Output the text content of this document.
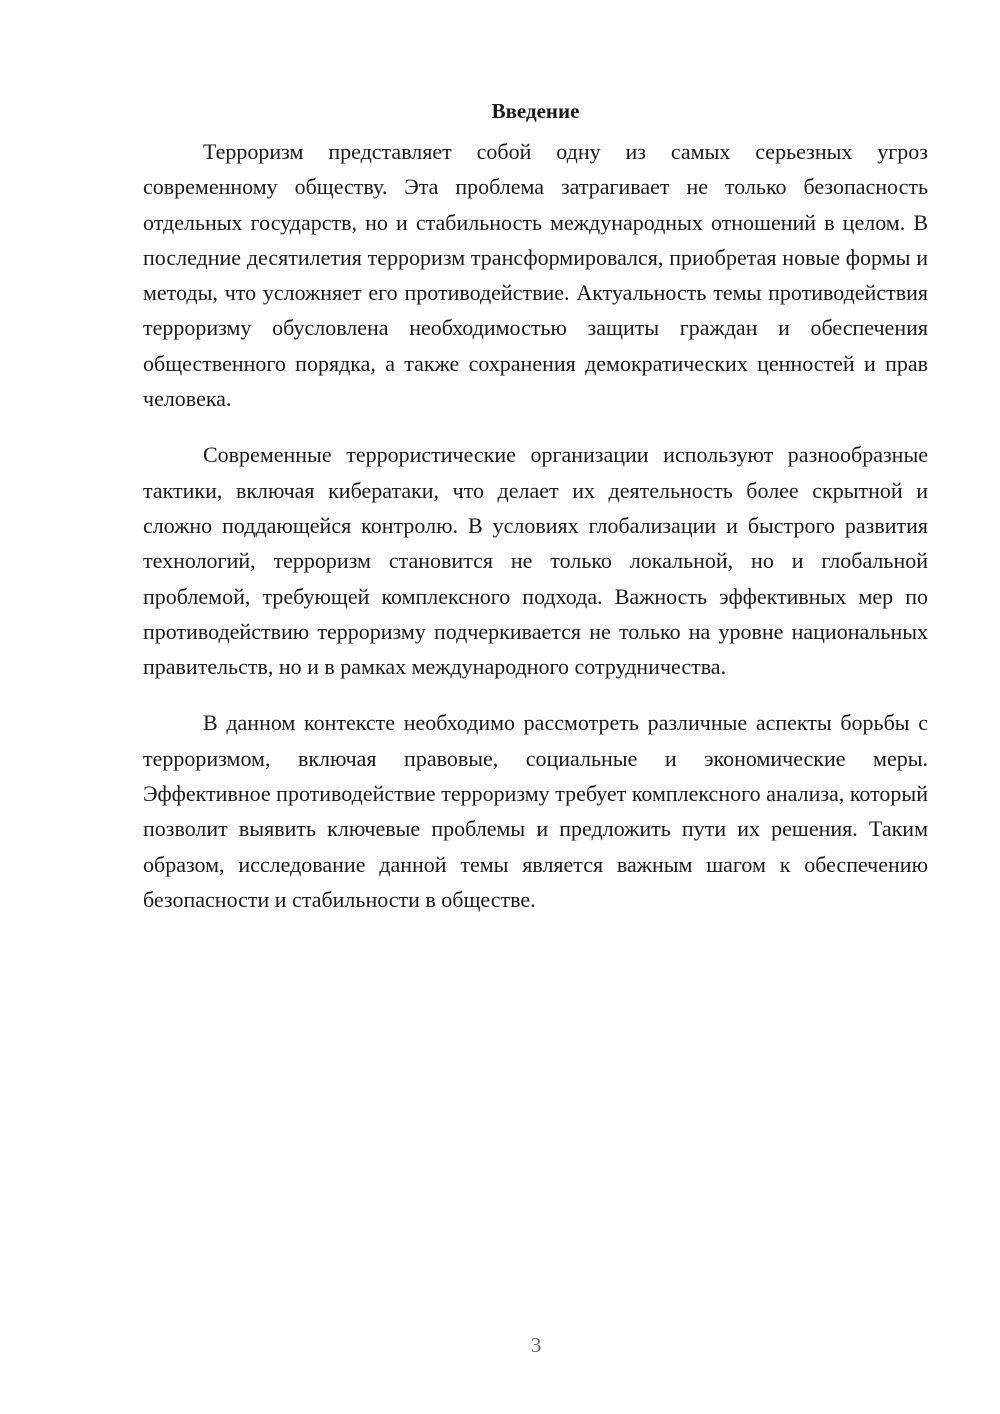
Введение

Терроризм представляет собой одну из самых серьезных угроз современному обществу. Эта проблема затрагивает не только безопасность отдельных государств, но и стабильность международных отношений в целом. В последние десятилетия терроризм трансформировался, приобретая новые формы и методы, что усложняет его противодействие. Актуальность темы противодействия терроризму обусловлена необходимостью защиты граждан и обеспечения общественного порядка, а также сохранения демократических ценностей и прав человека.

Современные террористические организации используют разнообразные тактики, включая кибератаки, что делает их деятельность более скрытной и сложно поддающейся контролю. В условиях глобализации и быстрого развития технологий, терроризм становится не только локальной, но и глобальной проблемой, требующей комплексного подхода. Важность эффективных мер по противодействию терроризму подчеркивается не только на уровне национальных правительств, но и в рамках международного сотрудничества.

В данном контексте необходимо рассмотреть различные аспекты борьбы с терроризмом, включая правовые, социальные и экономические меры. Эффективное противодействие терроризму требует комплексного анализа, который позволит выявить ключевые проблемы и предложить пути их решения. Таким образом, исследование данной темы является важным шагом к обеспечению безопасности и стабильности в обществе.

3
